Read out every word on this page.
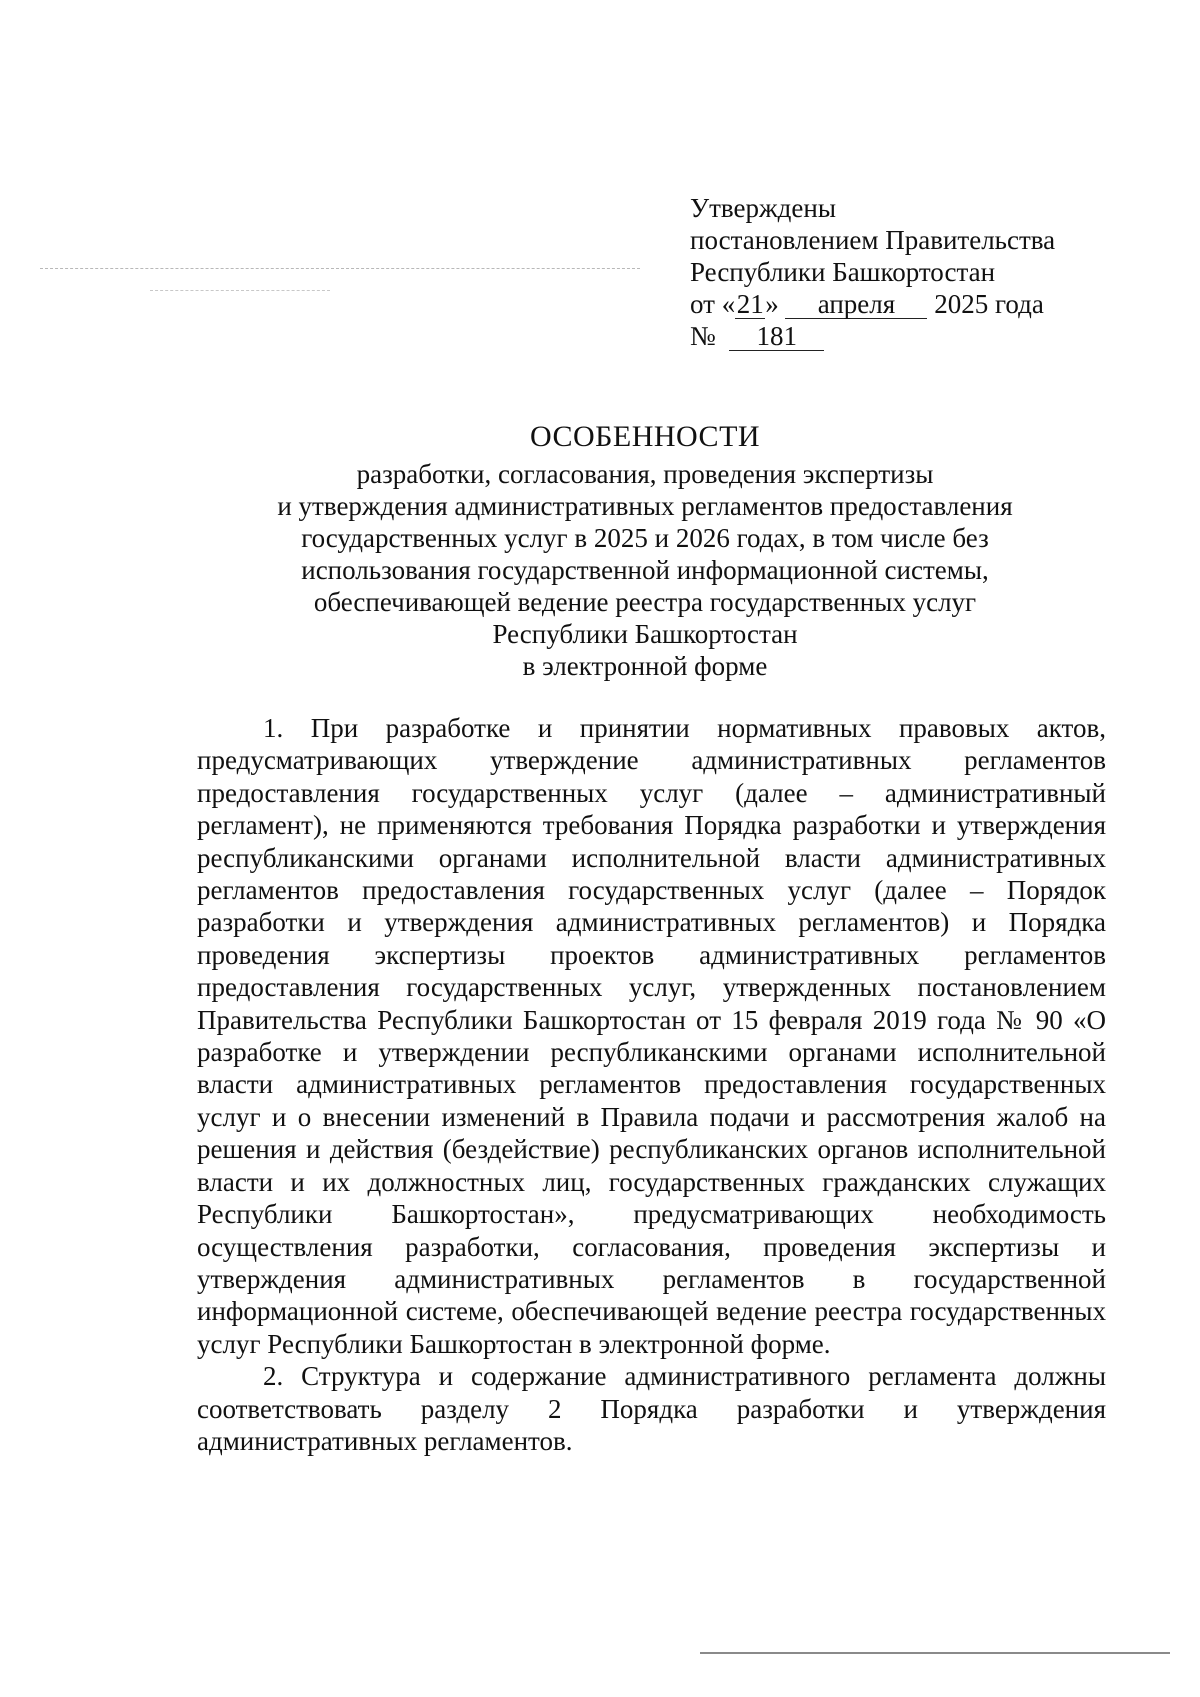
Утверждены
постановлением Правительства
Республики Башкортостан
от «21» апреля 2025 года
№ 181
ОСОБЕННОСТИ
разработки, согласования, проведения экспертизы
и утверждения административных регламентов предоставления
государственных услуг в 2025 и 2026 годах, в том числе без
использования государственной информационной системы,
обеспечивающей ведение реестра государственных услуг
Республики Башкортостан
в электронной форме

1. При разработке и принятии нормативных правовых актов, предусматривающих утверждение административных регламентов предоставления государственных услуг (далее – административный регламент), не применяются требования Порядка разработки и утверждения республиканскими органами исполнительной власти административных регламентов предоставления государственных услуг (далее – Порядок разработки и утверждения административных регламентов) и Порядка проведения экспертизы проектов административных регламентов предоставления государственных услуг, утвержденных постановлением Правительства Республики Башкортостан от 15 февраля 2019 года № 90 «О разработке и утверждении республиканскими органами исполнительной власти административных регламентов предоставления государственных услуг и о внесении изменений в Правила подачи и рассмотрения жалоб на решения и действия (бездействие) республиканских органов исполнительной власти и их должностных лиц, государственных гражданских служащих Республики Башкортостан», предусматривающих необходимость осуществления разработки, согласования, проведения экспертизы и утверждения административных регламентов в государственной информационной системе, обеспечивающей ведение реестра государственных услуг Республики Башкортостан в электронной форме.

2. Структура и содержание административного регламента должны соответствовать разделу 2 Порядка разработки и утверждения административных регламентов.
